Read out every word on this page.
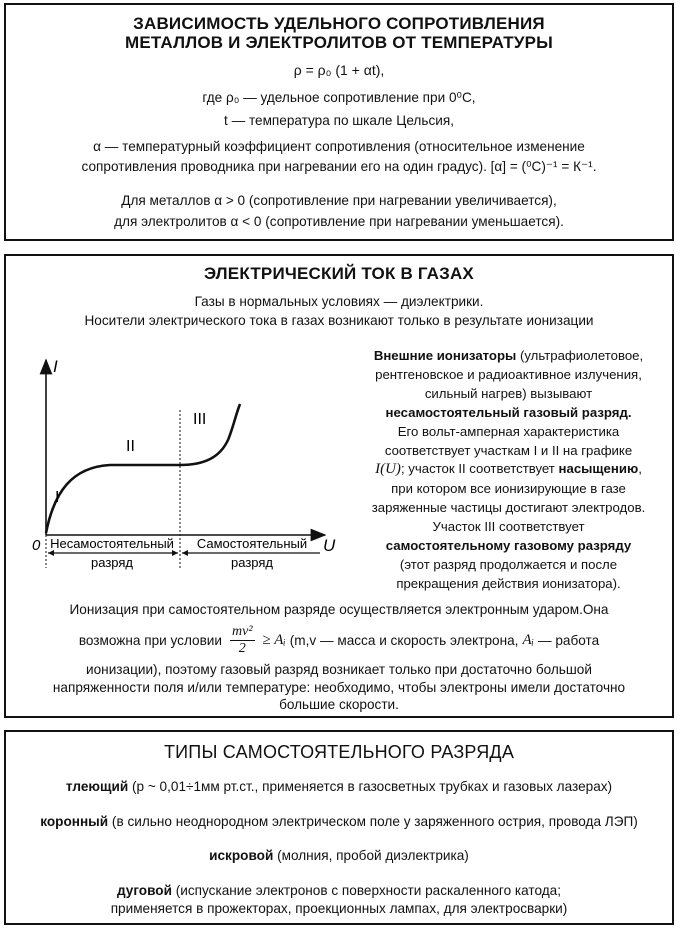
ЗАВИСИМОСТЬ УДЕЛЬНОГО СОПРОТИВЛЕНИЯ
МЕТАЛЛОВ И ЭЛЕКТРОЛИТОВ ОТ ТЕМПЕРАТУРЫ
ρ = ρ₀ (1 + αt),
где ρ₀ — удельное сопротивление при 0⁰С,
t — температура по шкале Цельсия,
α — температурный коэффициент сопротивления (относительное изменение
сопротивления проводника при нагревании его на один градус). [α] = (⁰С)⁻¹ = К⁻¹.
Для металлов α > 0 (сопротивление при нагревании увеличивается),
для электролитов α < 0 (сопротивление при нагревании уменьшается).
ЭЛЕКТРИЧЕСКИЙ ТОК В ГАЗАХ
Газы в нормальных условиях — диэлектрики.
Носители электрического тока в газах возникают только в результате ионизации
I
U
0
I
II
III
Несамостоятельный
разряд
Самостоятельный
разряд
Внешние ионизаторы (ультрафиолетовое,
рентгеновское и радиоактивное излучения,
сильный нагрев) вызывают
несамостоятельный газовый разряд.
Его вольт-амперная характеристика
соответствует участкам I и II на графике
I(U); участок II соответствует насыщению,
при котором все ионизирующие в газе
заряженные частицы достигают электродов.
Участок III соответствует
самостоятельному газовому разряду
(этот разряд продолжается и после
прекращения действия ионизатора).
Ионизация при самостоятельном разряде осуществляется электронным ударом.Она
возможна при условии $\frac{\text{mv²}}{2}$ ≥ Aᵢ (m,v — масса и скорость электрона, Aᵢ — работа
ионизации), поэтому газовый разряд возникает только при достаточно большой
напряженности поля и/или температуре: необходимо, чтобы электроны имели достаточно
большие скорости.
ТИПЫ САМОСТОЯТЕЛЬНОГО РАЗРЯДА
тлеющий (p ~ 0,01÷1мм рт.ст., применяется в газосветных трубках и газовых лазерах)
коронный (в сильно неоднородном электрическом поле у заряженного острия, провода ЛЭП)
искровой (молния, пробой диэлектрика)
дуговой (испускание электронов с поверхности раскаленного катода;
применяется в прожекторах, проекционных лампах, для электросварки)
